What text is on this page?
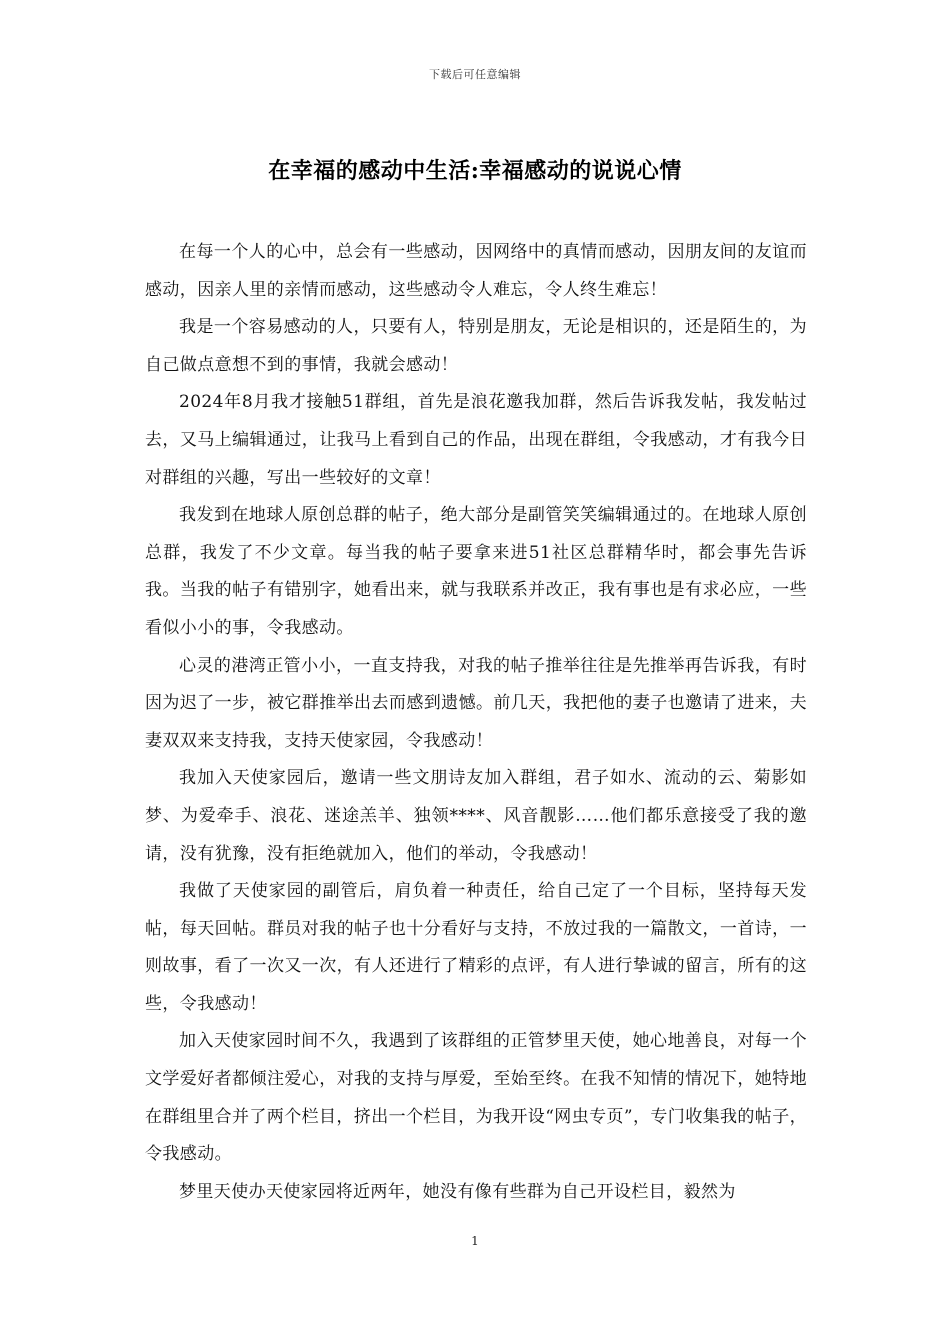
下载后可任意编辑
在幸福的感动中生活:幸福感动的说说心情

在每一个人的心中，总会有一些感动，因网络中的真情而感动，因朋友间的友谊而感动，因亲人里的亲情而感动，这些感动令人难忘，令人终生难忘！

我是一个容易感动的人，只要有人，特别是朋友，无论是相识的，还是陌生的，为自己做点意想不到的事情，我就会感动！

2024年8月我才接触51群组，首先是浪花邀我加群，然后告诉我发帖，我发帖过去，又马上编辑通过，让我马上看到自己的作品，出现在群组，令我感动，才有我今日对群组的兴趣，写出一些较好的文章！

我发到在地球人原创总群的帖子，绝大部分是副管笑笑编辑通过的。在地球人原创总群，我发了不少文章。每当我的帖子要拿来进51社区总群精华时，都会事先告诉我。当我的帖子有错别字，她看出来，就与我联系并改正，我有事也是有求必应，一些看似小小的事，令我感动。

心灵的港湾正管小小，一直支持我，对我的帖子推举往往是先推举再告诉我，有时因为迟了一步，被它群推举出去而感到遗憾。前几天，我把他的妻子也邀请了进来，夫妻双双来支持我，支持天使家园，令我感动！

我加入天使家园后，邀请一些文朋诗友加入群组，君子如水、流动的云、菊影如梦、为爱牵手、浪花、迷途羔羊、独领****、风音靓影……他们都乐意接受了我的邀请，没有犹豫，没有拒绝就加入，他们的举动，令我感动！

我做了天使家园的副管后，肩负着一种责任，给自己定了一个目标，坚持每天发帖，每天回帖。群员对我的帖子也十分看好与支持，不放过我的一篇散文，一首诗，一则故事，看了一次又一次，有人还进行了精彩的点评，有人进行挚诚的留言，所有的这些，令我感动！

加入天使家园时间不久，我遇到了该群组的正管梦里天使，她心地善良，对每一个文学爱好者都倾注爱心，对我的支持与厚爱，至始至终。在我不知情的情况下，她特地在群组里合并了两个栏目，挤出一个栏目，为我开设“网虫专页”，专门收集我的帖子，令我感动。

梦里天使办天使家园将近两年，她没有像有些群为自己开设栏目，毅然为

1
